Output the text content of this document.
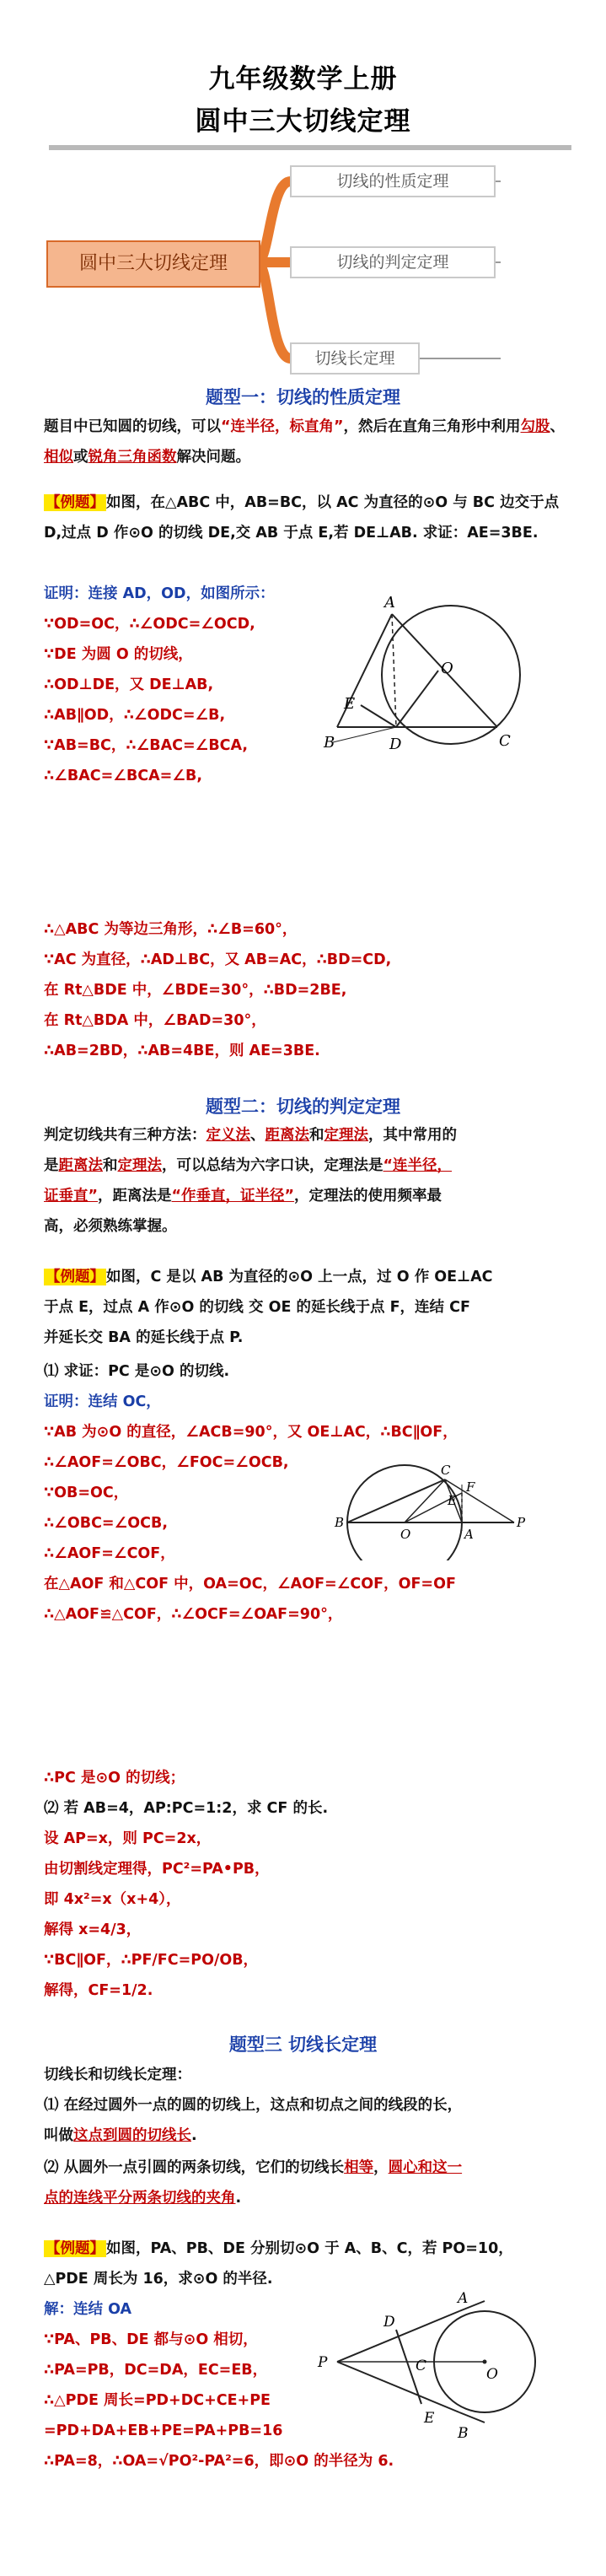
九年级数学上册
圆中三大切线定理
圆中三大切线定理
切线的性质定理
切线的判定定理
切线长定理
题型一：切线的性质定理

题目中已知圆的切线，可以“连半径，标直角”，然后在直角三角形中利用勾股、相似或锐角三角函数解决问题。

【例题】 如图，在△ABC 中，AB=BC，以 AC 为直径的⊙O 与 BC 边交于点 D,过点 D 作⊙O 的切线 DE,交 AB 于点 E,若 DE⊥AB. 求证：AE=3BE.

证明：连接 AD，OD，如图所示：
∵OD=OC，∴∠ODC=∠OCD,
∵DE 为圆 O 的切线，
∴OD⊥DE，又 DE⊥AB,
∴AB∥OD，∴∠ODC=∠B,
∵AB=BC，∴∠BAC=∠BCA,
∴∠BAC=∠BCA=∠B,
A
O
E
B	D	C
∴△ABC 为等边三角形，∴∠B=60°，
∵AC 为直径，∴AD⊥BC，又 AB=AC，∴BD=CD,
在 Rt△BDE 中，∠BDE=30°，∴BD=2BE,
在 Rt△BDA 中，∠BAD=30°，
∴AB=2BD，∴AB=4BE，则 AE=3BE.
题型二：切线的判定定理
判定切线共有三种方法：定义法、距离法和定理法，其中常用的
是距离法和定理法，可以总结为六字口诀，定理法是“连半径，
证垂直”，距离法是“作垂直，证半径”，定理法的使用频率最
高，必须熟练掌握。
【例题】 如图，C 是以 AB 为直径的⊙O 上一点，过 O 作 OE⊥AC
于点 E，过点 A 作⊙O 的切线 交 OE 的延长线于点 F，连结 CF
并延长交 BA 的延长线于点 P.
⑴ 求证：PC 是⊙O 的切线.
证明：连结 OC，
∵AB 为⊙O 的直径，∠ACB=90°，又 OE⊥AC，∴BC∥OF，
∴∠AOF=∠OBC，∠FOC=∠OCB,
∵OB=OC，
∴∠OBC=∠OCB,
∴∠AOF=∠COF，
在△AOF 和△COF 中，OA=OC，∠AOF=∠COF，OF=OF
∴△AOF≌△COF，∴∠OCF=∠OAF=90°，
C
F
E
B
O	A
P
∴PC 是⊙O 的切线；
⑵ 若 AB=4，AP:PC=1:2，求 CF 的长.
设 AP=x，则 PC=2x，
由切割线定理得，PC²=PA•PB，
即 4x²=x（x+4），
解得 x=4/3，
∵BC∥OF，∴PF/FC=PO/OB，
解得，CF=1/2.
题型三 切线长定理
切线长和切线长定理：
⑴ 在经过圆外一点的圆的切线上，这点和切点之间的线段的长，
叫做这点到圆的切线长.
⑵ 从圆外一点引圆的两条切线，它们的切线长相等，圆心和这一
点的连线平分两条切线的夹角.
【例题】 如图，PA、PB、DE 分别切⊙O 于 A、B、C，若 PO=10，
△PDE 周长为 16，求⊙O 的半径.
解：连结 OA
∵PA、PB、DE 都与⊙O 相切，
∴PA=PB，DC=DA，EC=EB，
∴△PDE 周长=PD+DC+CE+PE
=PD+DA+EB+PE=PA+PB=16
∴PA=8，∴OA=√PO²-PA²=6，即⊙O 的半径为 6.
A
D
P	C	O
E
B
